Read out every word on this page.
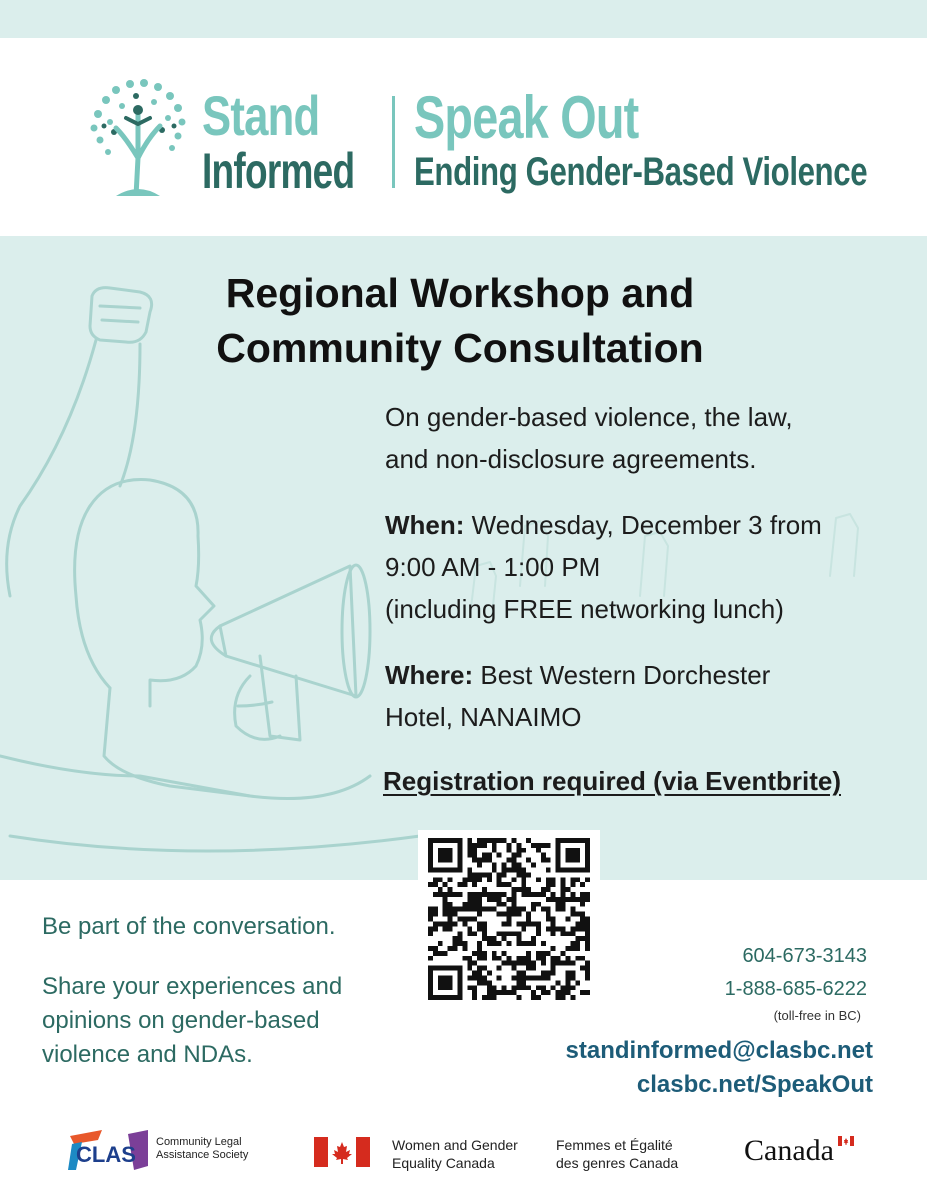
Stand
Informed
Speak Out
Ending Gender-Based Violence
Regional Workshop and
Community Consultation
On gender-based violence, the law,
and non-disclosure agreements.
When: Wednesday, December 3 from
9:00 AM - 1:00 PM
(including FREE networking lunch)
Where: Best Western Dorchester
Hotel, NANAIMO
Registration required (via Eventbrite)
Be part of the conversation.
Share your experiences and opinions on gender-based violence and NDAs.
604-673-3143
1-888-685-6222
(toll-free in BC)
standinformed@clasbc.net
clasbc.net/SpeakOut
CLAS Community Legal
Assistance Society
Women and Gender
Equality Canada
Femmes et Égalité
des genres Canada	Canada
